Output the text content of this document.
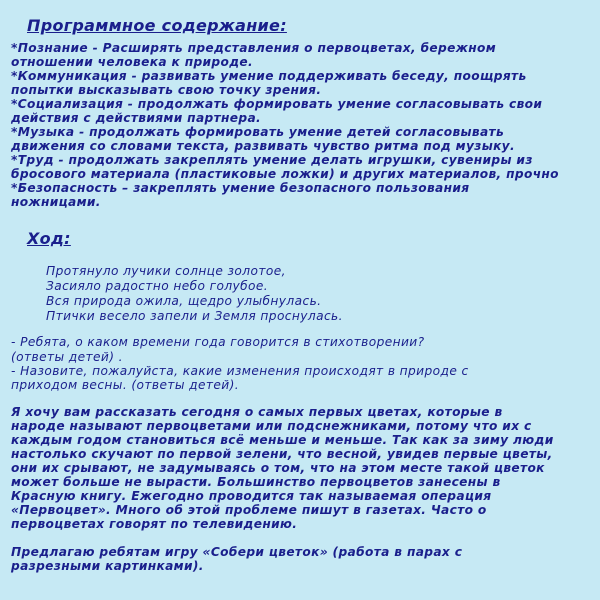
Программное содержание:
*Познание - Расширять представления о первоцветах, бережном
отношении человека к природе.
*Коммуникация - развивать умение поддерживать беседу, поощрять
попытки высказывать свою точку зрения.
*Социализация - продолжать формировать умение согласовывать свои
действия с действиями партнера.
*Музыка - продолжать формировать умение детей согласовывать
движения со словами текста, развивать чувство ритма под музыку.
*Труд - продолжать закреплять умение делать игрушки, сувениры из
бросового материала (пластиковые ложки) и других материалов, прочно
*Безопасность – закреплять умение безопасного пользования
ножницами.
Ход:
Протянуло лучики солнце золотое,
Засияло радостно небо голубое.
Вся природа ожила, щедро улыбнулась.
Птички весело запели и Земля проснулась.
- Ребята, о каком времени года говорится в стихотворении?
(ответы детей) .
- Назовите, пожалуйста, какие изменения происходят в природе с
приходом весны. (ответы детей).
Я хочу вам рассказать сегодня о самых первых цветах, которые в
народе называют первоцветами или подснежниками, потому что их с
каждым годом становиться всё меньше и меньше. Так как за зиму люди
настолько скучают по первой зелени, что весной, увидев первые цветы,
они их срывают, не задумываясь о том, что на этом месте такой цветок
может больше не вырасти. Большинство первоцветов занесены в
Красную книгу. Ежегодно проводится так называемая операция
«Первоцвет». Много об этой проблеме пишут в газетах. Часто о
первоцветах говорят по телевидению.
Предлагаю ребятам игру «Собери цветок» (работа в парах с
разрезными картинками).
